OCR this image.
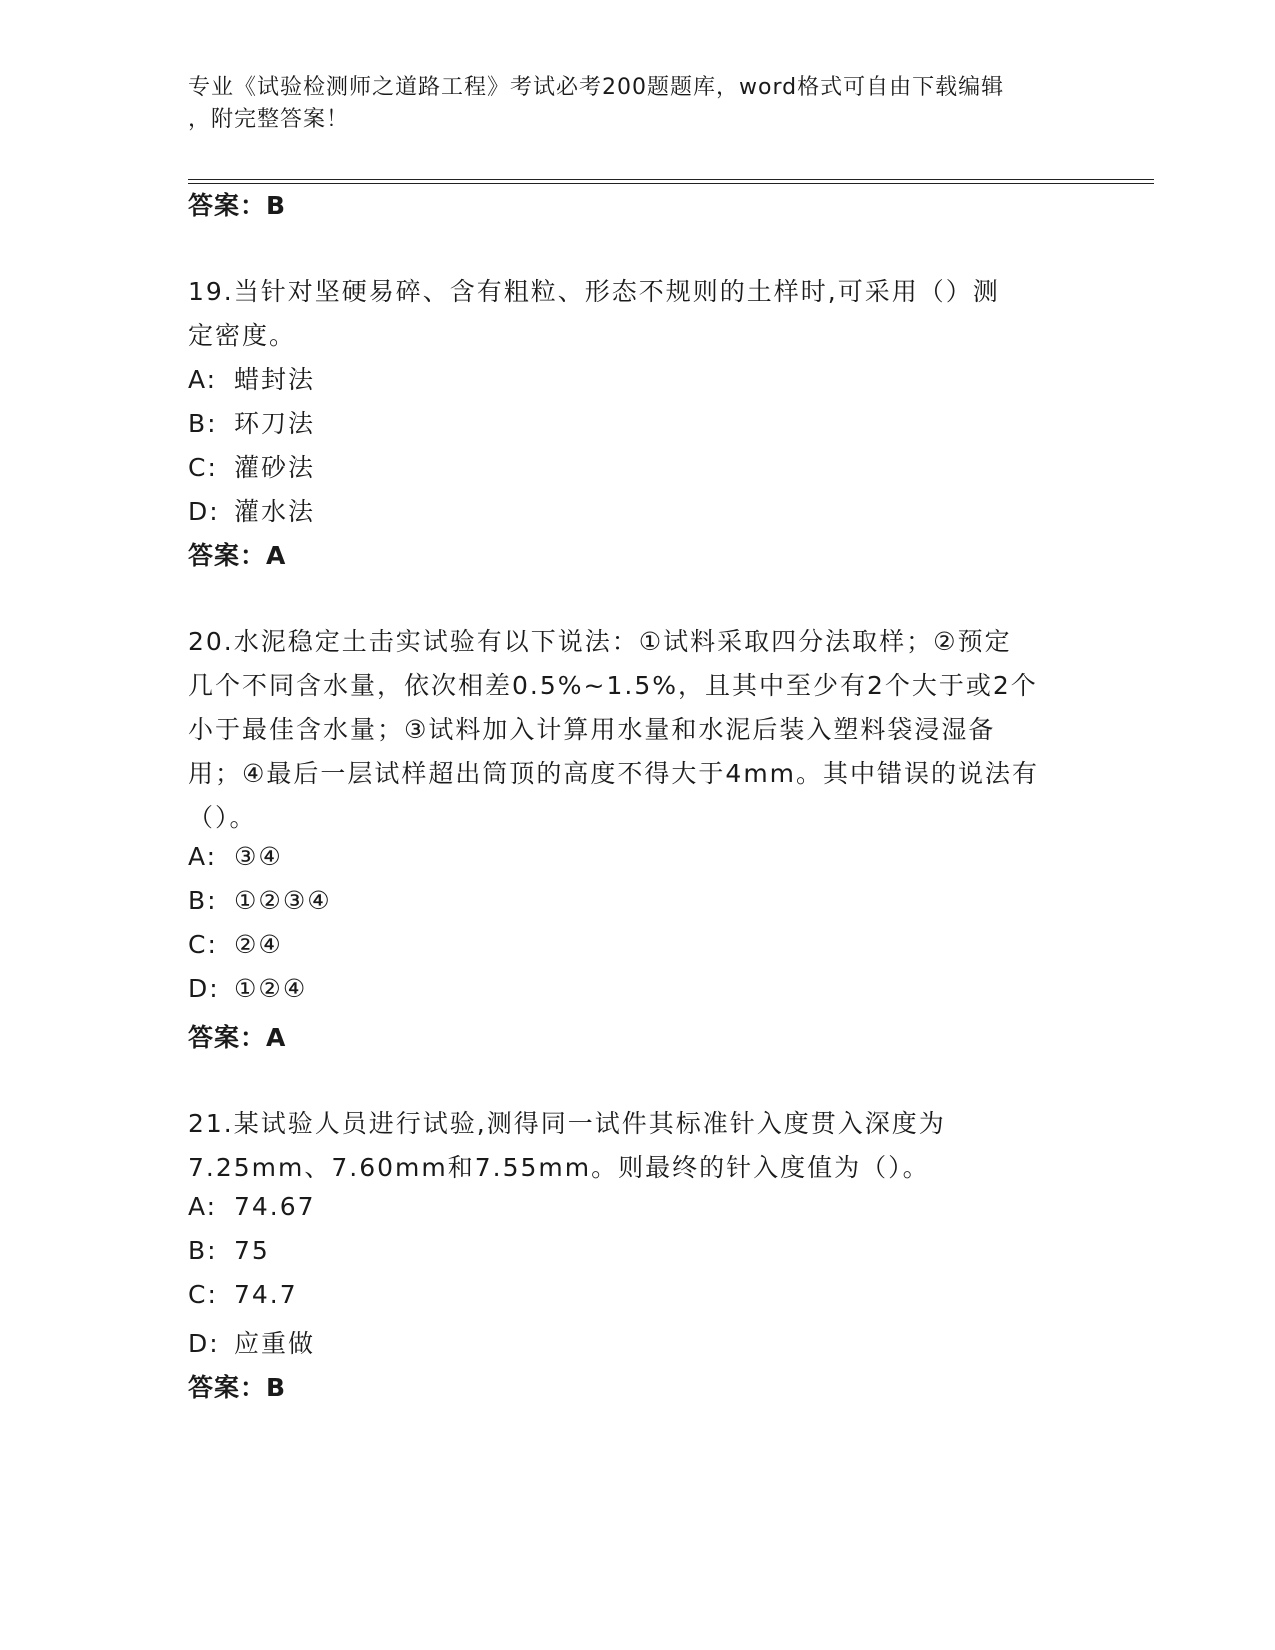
专业《试验检测师之道路工程》考试必考200题题库，word格式可自由下载编辑
，附完整答案！
答案：B
19.当针对坚硬易碎、含有粗粒、形态不规则的土样时,可采用（）测
定密度。
A: 蜡封法
B: 环刀法
C: 灌砂法
D: 灌水法
答案：A
20.水泥稳定土击实试验有以下说法：①试料采取四分法取样；②预定
几个不同含水量，依次相差0.5%~1.5%，且其中至少有2个大于或2个
小于最佳含水量；③试料加入计算用水量和水泥后装入塑料袋浸湿备
用；④最后一层试样超出筒顶的高度不得大于4mm。其中错误的说法有
（）。
A: ③④
B: ①②③④
C: ②④
D: ①②④
答案：A
21.某试验人员进行试验,测得同一试件其标准针入度贯入深度为
7.25mm、7.60mm和7.55mm。则最终的针入度值为（）。
A: 74.67
B: 75
C: 74.7
D: 应重做
答案：B
